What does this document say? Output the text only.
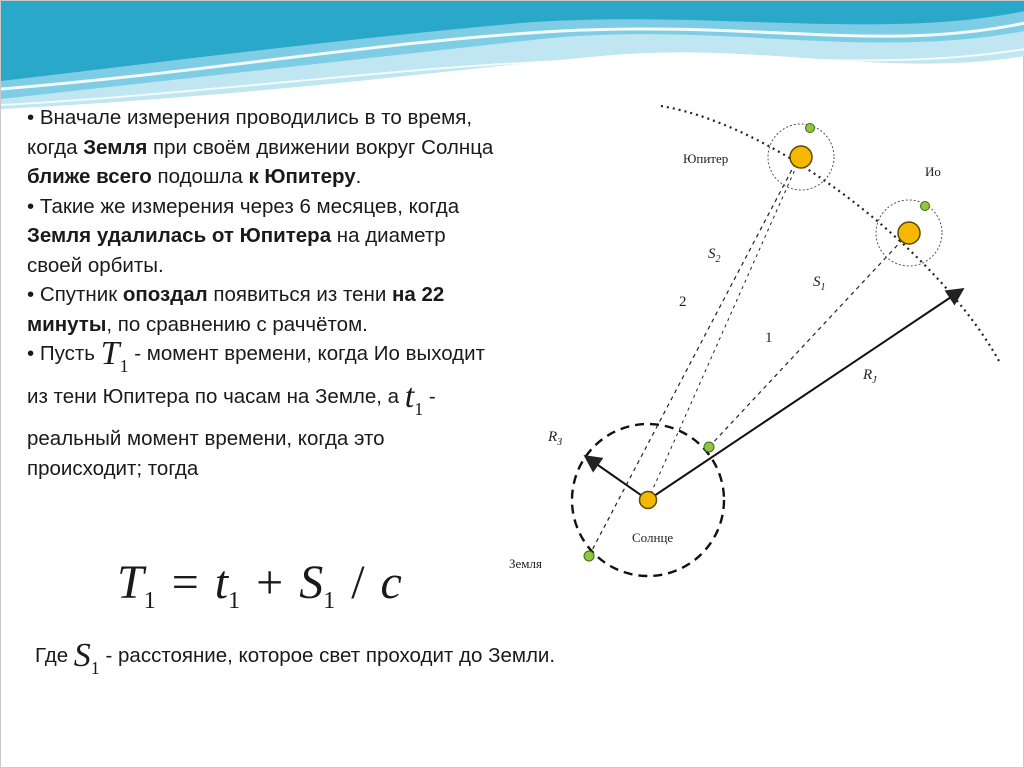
• Вначале измерения проводились в то время, когда Земля при своём движении вокруг Солнца ближе всего подошла к Юпитеру.

• Такие же измерения через 6 месяцев, когда Земля удалилась от Юпитера на диаметр своей орбиты.

• Спутник опоздал появиться из тени на 22 минуты, по сравнению с раччётом.

• Пусть $T_1$ - момент времени, когда Ио выходит из тени Юпитера по часам на Земле, а $t_1$ - реальный момент времени, когда это происходит; тогда

$T_1 = t_1 + S_1 / c$
Где $S_1$ - расстояние, которое свет проходит до Земли.
Юпитер
Ио
Солнце
Земля
$S_2$
$S_1$
2
1
$R_J$
$R_З$
